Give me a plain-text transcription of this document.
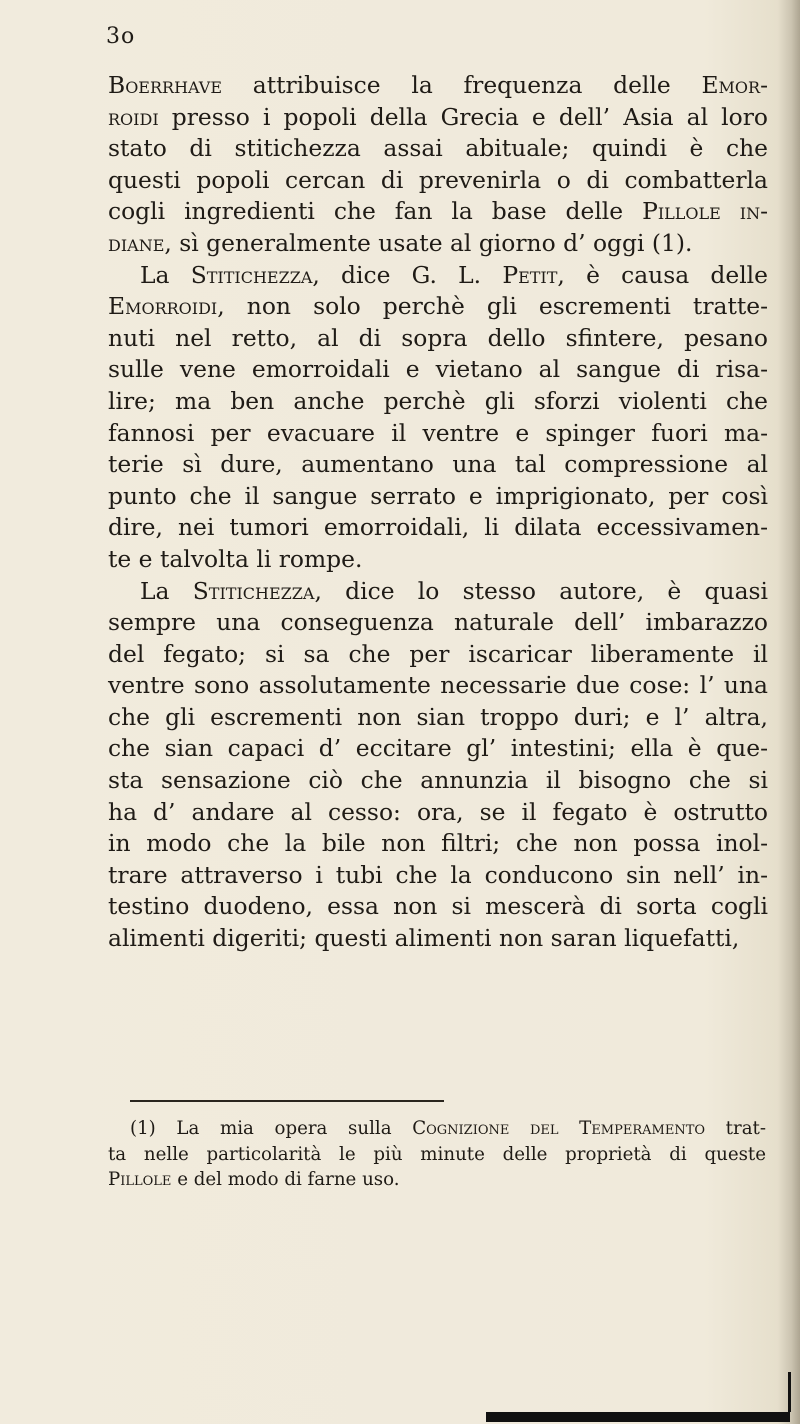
3o
Boerrhave attribuisce la frequenza delle Emor-
roidi presso i popoli della Grecia e dell’ Asia al loro
stato di stitichezza assai abituale; quindi è che
questi popoli cercan di prevenirla o di combatterla
cogli ingredienti che fan la base delle Pillole in-
diane, sì generalmente usate al giorno d’ oggi (1).
La Stitichezza, dice G. L. Petit, è causa delle
Emorroidi, non solo perchè gli escrementi tratte-
nuti nel retto, al di sopra dello sfintere, pesano
sulle vene emorroidali e vietano al sangue di risa-
lire; ma ben anche perchè gli sforzi violenti che
fannosi per evacuare il ventre e spinger fuori ma-
terie sì dure, aumentano una tal compressione al
punto che il sangue serrato e imprigionato, per così
dire, nei tumori emorroidali, li dilata eccessivamen-
te e talvolta li rompe.
La Stitichezza, dice lo stesso autore, è quasi
sempre una conseguenza naturale dell’ imbarazzo
del fegato; si sa che per iscaricar liberamente il
ventre sono assolutamente necessarie due cose: l’ una
che gli escrementi non sian troppo duri; e l’ altra,
che sian capaci d’ eccitare gl’ intestini; ella è que-
sta sensazione ciò che annunzia il bisogno che si
ha d’ andare al cesso: ora, se il fegato è ostrutto
in modo che la bile non filtri; che non possa inol-
trare attraverso i tubi che la conducono sin nell’ in-
testino duodeno, essa non si mescerà di sorta cogli
alimenti digeriti; questi alimenti non saran liquefatti,
(1) La mia opera sulla Cognizione del Temperamento trat-
ta nelle particolarità le più minute delle proprietà di queste
Pillole e del modo di farne uso.
